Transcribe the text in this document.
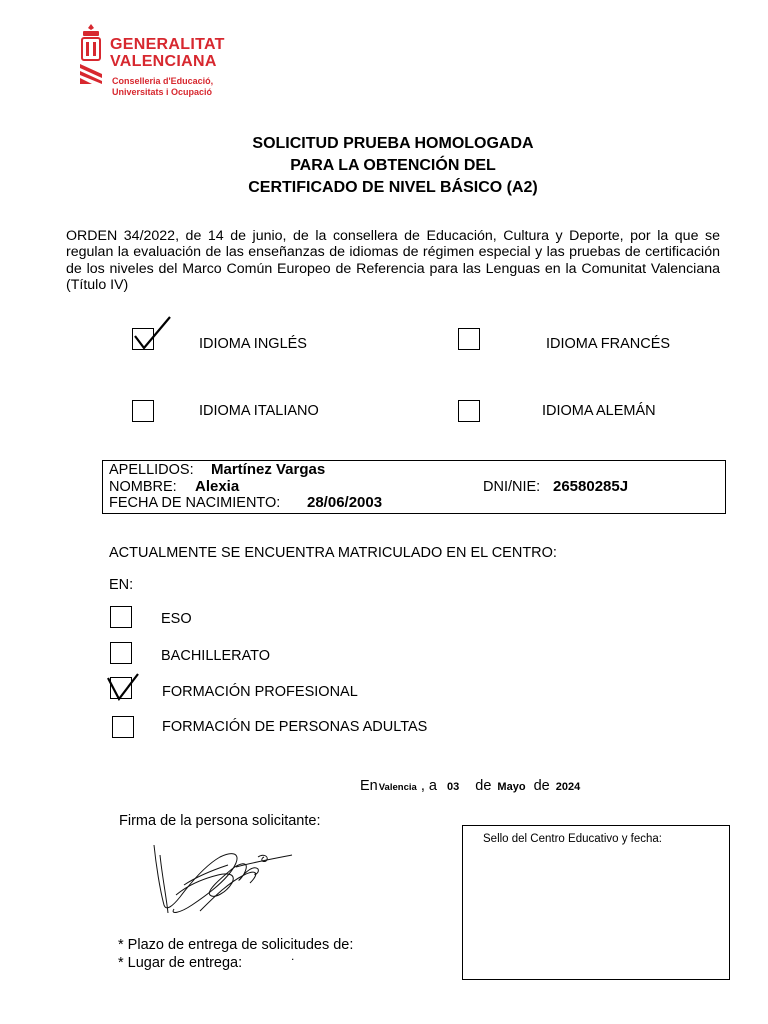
GENERALITAT
VALENCIANA
Conselleria d'Educació,
Universitats i Ocupació
SOLICITUD PRUEBA HOMOLOGADA
PARA LA OBTENCIÓN DEL
CERTIFICADO DE NIVEL BÁSICO (A2)
ORDEN 34/2022, de 14 de junio, de la consellera de Educación, Cultura y Deporte, por la que se regulan la evaluación de las enseñanzas de idiomas de régimen especial y las pruebas de certificación de los niveles del Marco Común Europeo de Referencia para las Lenguas en la Comunitat Valenciana (Título IV)
IDIOMA INGLÉS	IDIOMA FRANCÉS
IDIOMA ITALIANO	IDIOMA ALEMÁN
APELLIDOS: Martínez Vargas
NOMBRE: Alexia	DNI/NIE: 26580285J
FECHA DE NACIMIENTO: 28/06/2003
ACTUALMENTE SE ENCUENTRA MATRICULADO EN EL CENTRO:
EN:
ESO
BACHILLERATO
FORMACIÓN PROFESIONAL
FORMACIÓN DE PERSONAS ADULTAS
EnValencia , a 03 de Mayo de 2024
Firma de la persona solicitante:
Sello del Centro Educativo y fecha:
* Plazo de entrega de solicitudes de:
* Lugar de entrega:	.
